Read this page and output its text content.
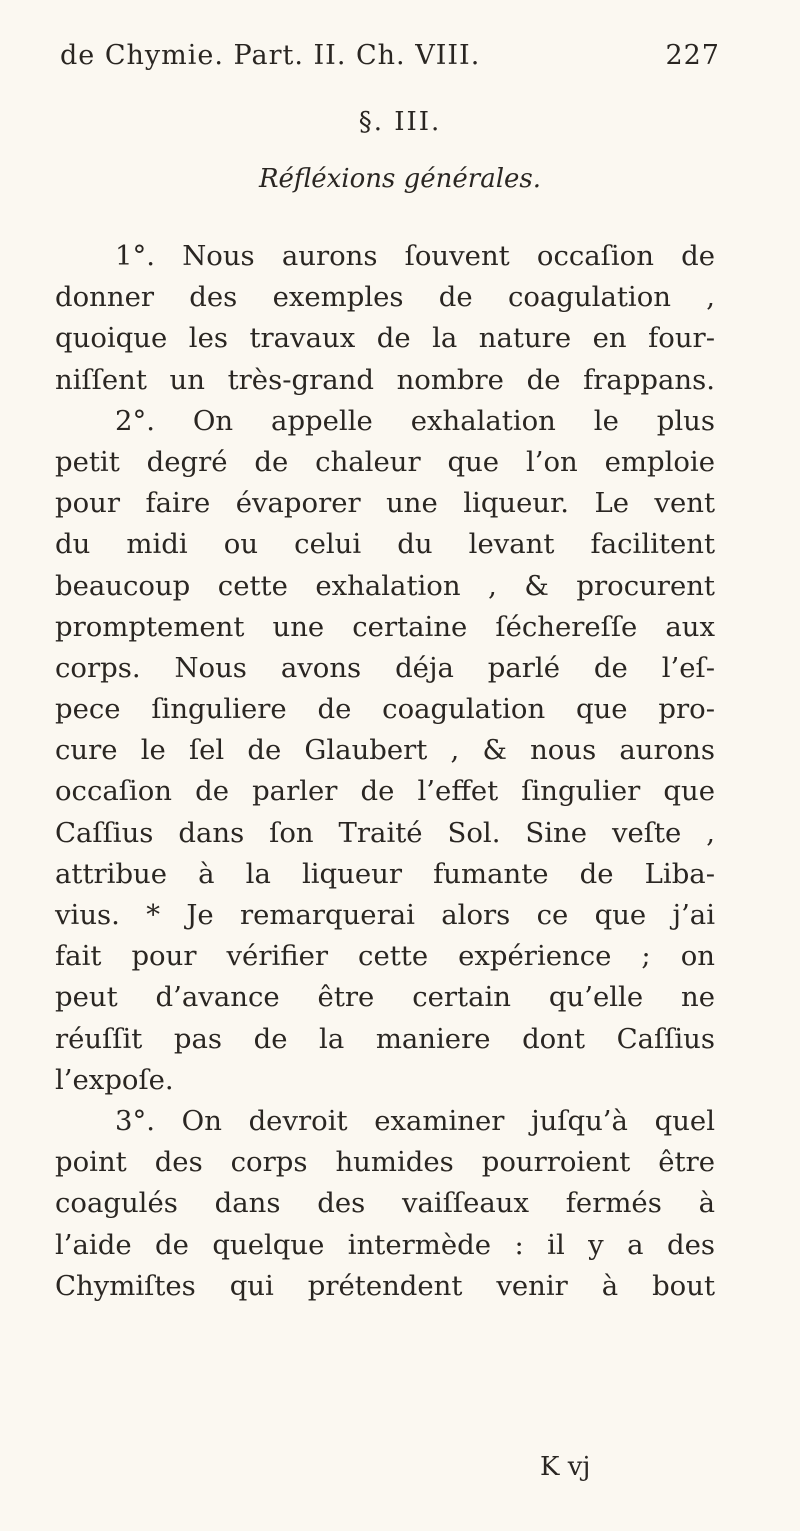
de Chymie. Part. II. Ch. VIII.	227
§. III.
Réfléxions générales.
1°. Nous aurons ſouvent occaſion de
donner des exemples de coagulation ,
quoique les travaux de la nature en four-
niſſent un très-grand nombre de frappans.
2°. On appelle exhalation le plus
petit degré de chaleur que l’on emploie
pour faire évaporer une liqueur. Le vent
du midi ou celui du levant facilitent
beaucoup cette exhalation , & procurent
promptement une certaine ſéchereſſe aux
corps. Nous avons déja parlé de l’eſ-
pece ſinguliere de coagulation que pro-
cure le ſel de Glaubert , & nous aurons
occaſion de parler de l’effet ſingulier que
Caſſius dans ſon Traité Sol. Sine veſte ,
attribue à la liqueur fumante de Liba-
vius. * Je remarquerai alors ce que j’ai
fait pour vérifier cette expérience ; on
peut d’avance être certain qu’elle ne
réuſſit pas de la maniere dont Caſſius
l’expoſe.
3°. On devroit examiner juſqu’à quel
point des corps humides pourroient être
coagulés dans des vaiſſeaux fermés à
l’aide de quelque intermède : il y a des
Chymiſtes qui prétendent venir à bout
K vj
